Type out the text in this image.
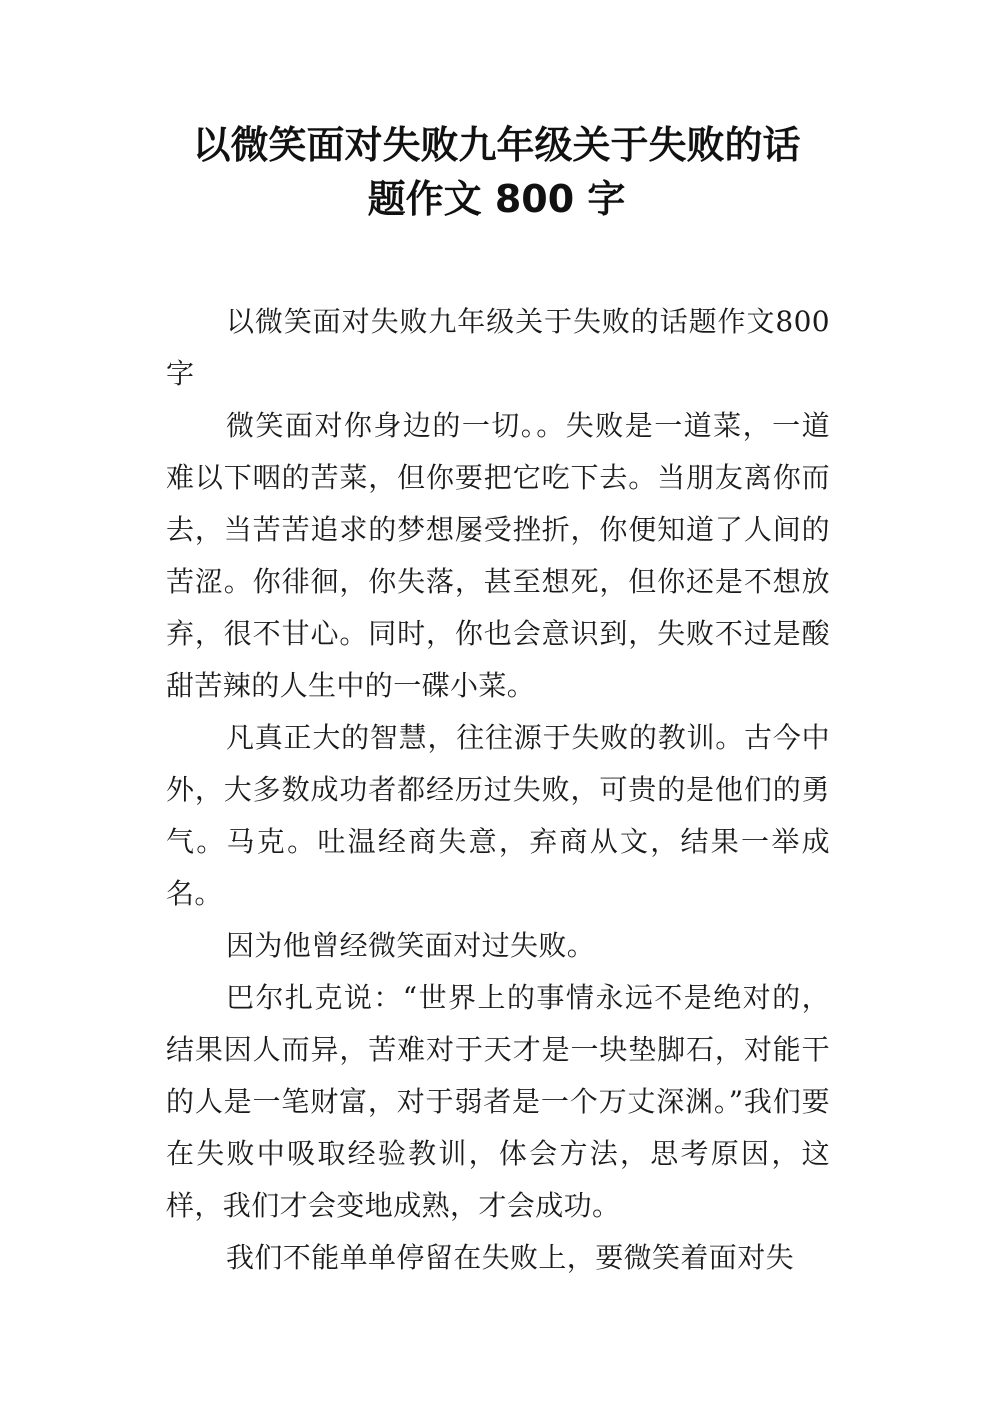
以微笑面对失败九年级关于失败的话
题作文 800 字

以微笑面对失败九年级关于失败的话题作文800 字

微笑面对你身边的一切。。失败是一道菜，一道难以下咽的苦菜，但你要把它吃下去。当朋友离你而去，当苦苦追求的梦想屡受挫折，你便知道了人间的苦涩。你徘徊，你失落，甚至想死，但你还是不想放弃，很不甘心。同时，你也会意识到，失败不过是酸甜苦辣的人生中的一碟小菜。

凡真正大的智慧，往往源于失败的教训。古今中外，大多数成功者都经历过失败，可贵的是他们的勇气。马克。吐温经商失意，弃商从文，结果一举成名。

因为他曾经微笑面对过失败。

巴尔扎克说：“世界上的事情永远不是绝对的，结果因人而异，苦难对于天才是一块垫脚石，对能干的人是一笔财富，对于弱者是一个万丈深渊。”我们要在失败中吸取经验教训，体会方法，思考原因，这样，我们才会变地成熟，才会成功。

我们不能单单停留在失败上，要微笑着面对失
